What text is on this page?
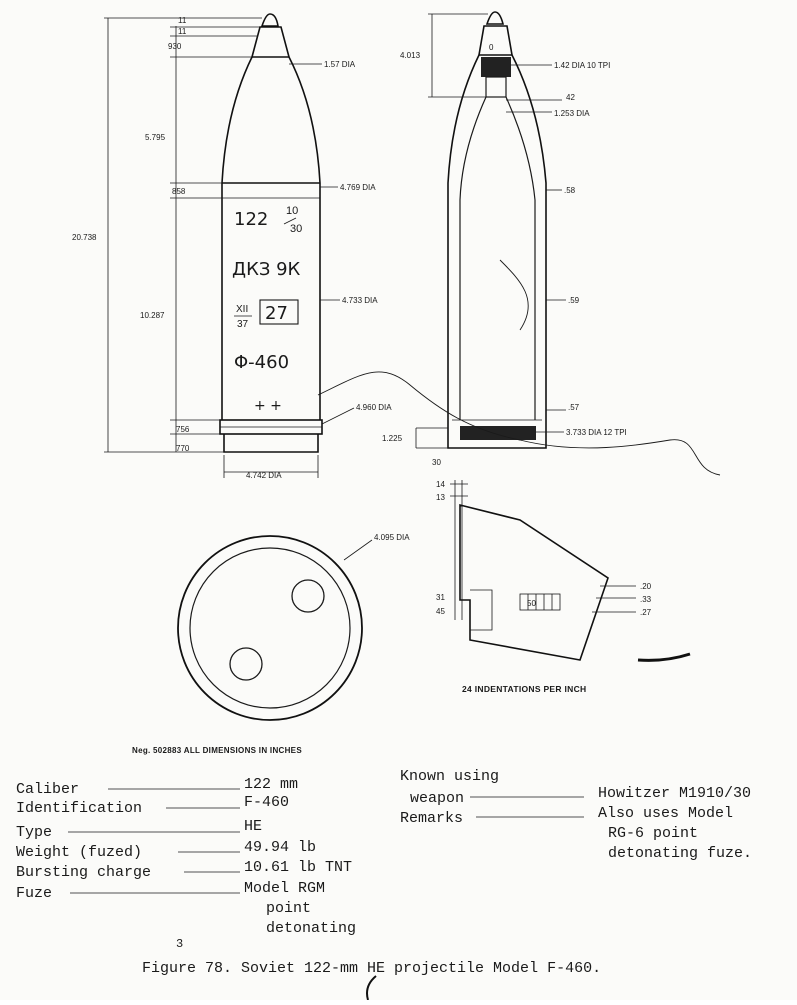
122 10
30
ДКЗ 9К
XII
37
27
Φ-460
+ +
11
11
930
5.795
858
20.738
10.287
756
770
1.57 DIA
4.769 DIA
4.733 DIA
4.960 DIA
4.742 DIA
4.013
0
1.42 DIA 10 TPI
42
1.253 DIA
.58
.59
.57
1.225
30
3.733 DIA 12 TPI
4.095 DIA
14
13
31
45
.20
.33
.27
50
24 INDENTATIONS PER INCH
Neg. 502883 ALL DIMENSIONS IN INCHES
Caliber
Identification
Type
Weight (fuzed)
Bursting charge
Fuze
122 mm
F-460
HE
49.94 lb
10.61 lb TNT
Model RGM
point
detonating
Known using
weapon
Remarks
Howitzer M1910/30
Also uses Model
RG-6 point
detonating fuze.
3
Figure 78. Soviet 122-mm HE projectile Model F-460.
